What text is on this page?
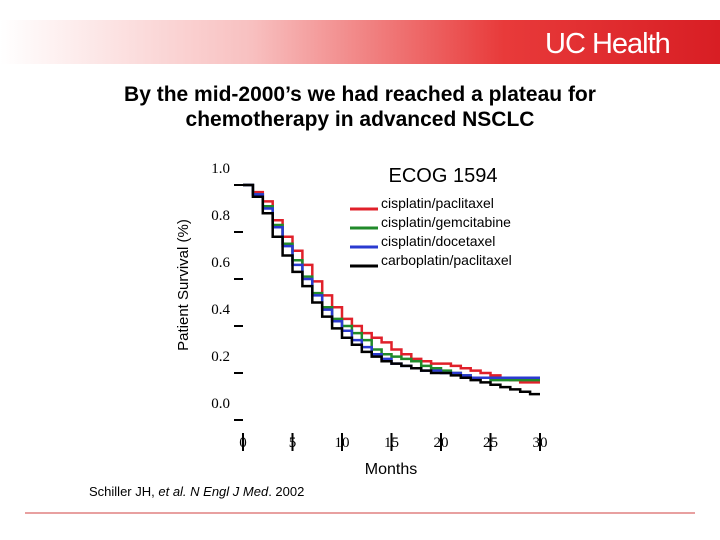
UC Health
By the mid-2000’s we had reached a plateau for
chemotherapy in advanced NSCLC
0.0
0.2
0.4
0.6
0.8
1.0
0	5	10 15 20 25 30
cisplatin/paclitaxel
cisplatin/gemcitabine
cisplatin/docetaxel
carboplatin/paclitaxel
ECOG 1594
Patient Survival (%)
Months
Schiller JH, et al. N Engl J Med. 2002
